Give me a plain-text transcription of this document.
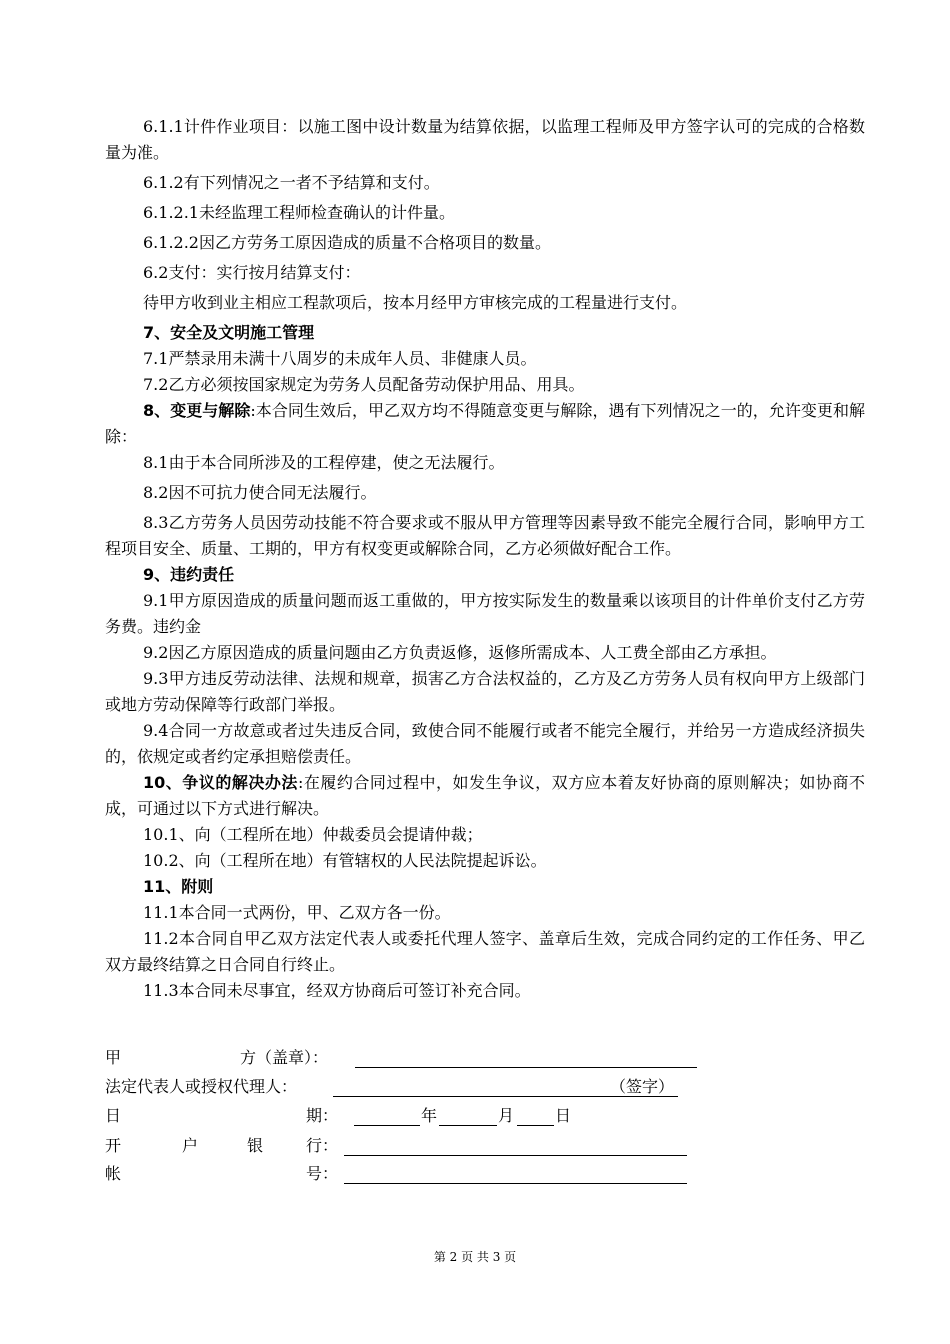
6.1.1计件作业项目：以施工图中设计数量为结算依据，以监理工程师及甲方签字认可的完成的合格数量为准。

6.1.2有下列情况之一者不予结算和支付。

6.1.2.1未经监理工程师检查确认的计件量。

6.1.2.2因乙方劳务工原因造成的质量不合格项目的数量。

6.2支付：实行按月结算支付：

待甲方收到业主相应工程款项后，按本月经甲方审核完成的工程量进行支付。

7、安全及文明施工管理

7.1严禁录用未满十八周岁的未成年人员、非健康人员。

7.2乙方必须按国家规定为劳务人员配备劳动保护用品、用具。

8、变更与解除:本合同生效后，甲乙双方均不得随意变更与解除，遇有下列情况之一的，允许变更和解除：

8.1由于本合同所涉及的工程停建，使之无法履行。

8.2因不可抗力使合同无法履行。

8.3乙方劳务人员因劳动技能不符合要求或不服从甲方管理等因素导致不能完全履行合同，影响甲方工程项目安全、质量、工期的，甲方有权变更或解除合同，乙方必须做好配合工作。

9、违约责任

9.1甲方原因造成的质量问题而返工重做的，甲方按实际发生的数量乘以该项目的计件单价支付乙方劳务费。违约金

9.2因乙方原因造成的质量问题由乙方负责返修，返修所需成本、人工费全部由乙方承担。

9.3甲方违反劳动法律、法规和规章，损害乙方合法权益的，乙方及乙方劳务人员有权向甲方上级部门或地方劳动保障等行政部门举报。

9.4合同一方故意或者过失违反合同，致使合同不能履行或者不能完全履行，并给另一方造成经济损失的，依规定或者约定承担赔偿责任。

10、争议的解决办法:在履约合同过程中，如发生争议，双方应本着友好协商的原则解决；如协商不成，可通过以下方式进行解决。

10.1、向（工程所在地）仲裁委员会提请仲裁；

10.2、向（工程所在地）有管辖权的人民法院提起诉讼。

11、附则

11.1本合同一式两份，甲、乙双方各一份。

11.2本合同自甲乙双方法定代表人或委托代理人签字、盖章后生效，完成合同约定的工作任务、甲乙双方最终结算之日合同自行终止。

11.3本合同未尽事宜，经双方协商后可签订补充合同。

甲	方（盖章）：
法定代表人或授权代理人：	（签字）
日	期：	年	月	日
开	户	银	行：
帐	号：
第 2 页 共 3 页
